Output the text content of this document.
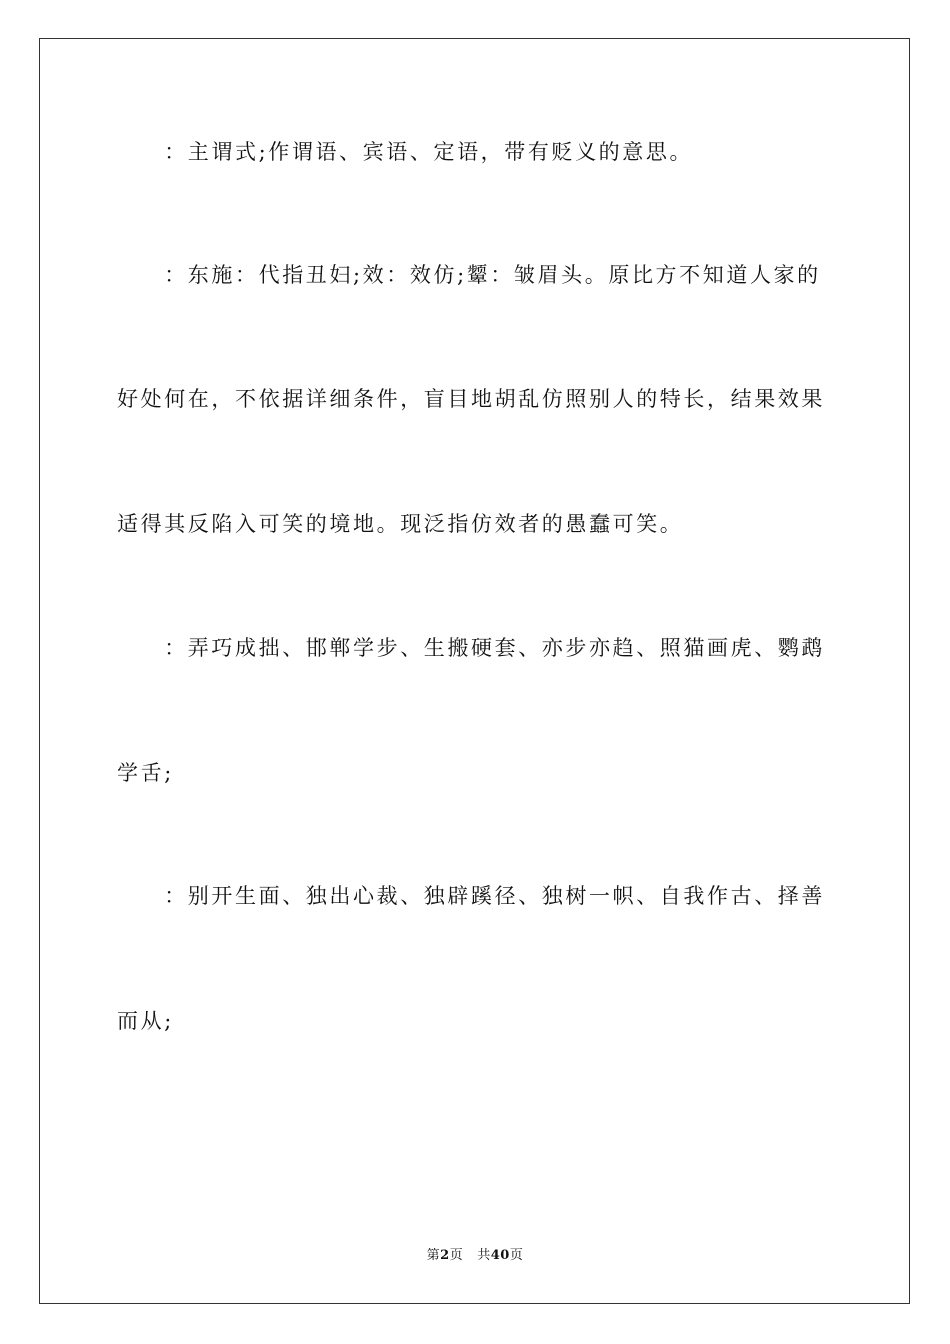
　　：主谓式;作谓语、宾语、定语，带有贬义的意思。
　　：东施：代指丑妇;效：效仿;颦：皱眉头。原比方不知道人家的
好处何在，不依据详细条件，盲目地胡乱仿照别人的特长，结果效果
适得其反陷入可笑的境地。现泛指仿效者的愚蠢可笑。
　　：弄巧成拙、邯郸学步、生搬硬套、亦步亦趋、照猫画虎、鹦鹉
学舌;
　　：别开生面、独出心裁、独辟蹊径、独树一帜、自我作古、择善
而从;
第2页 共40页
